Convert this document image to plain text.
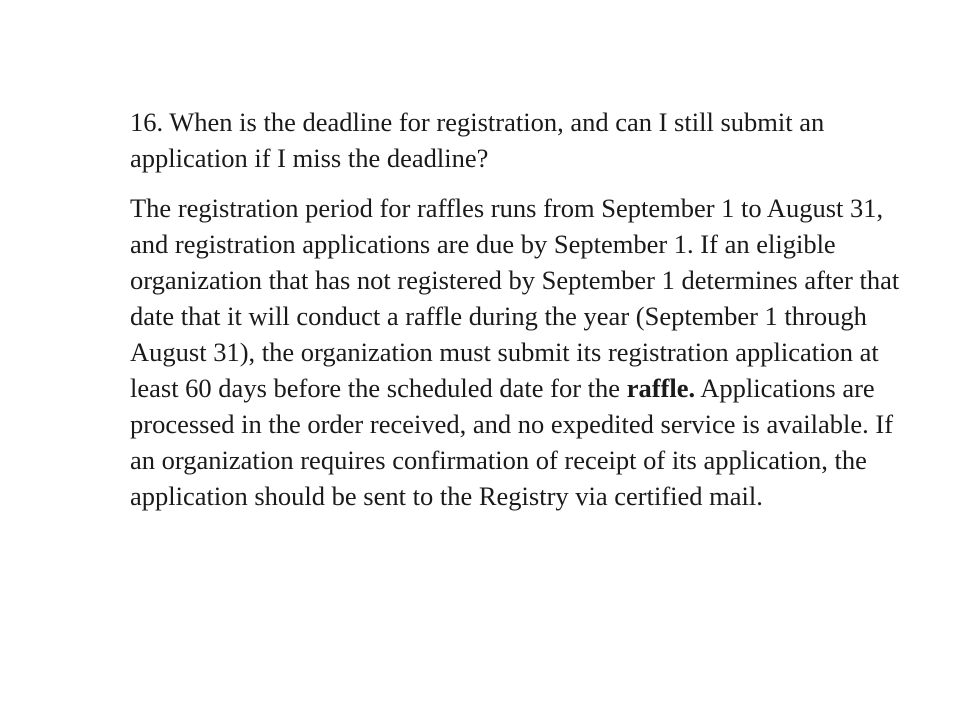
16. When is the deadline for registration, and can I still submit an application if I miss the deadline?

The registration period for raffles runs from September 1 to August 31, and registration applications are due by September 1. If an eligible organization that has not registered by September 1 determines after that date that it will conduct a raffle during the year (September 1 through August 31), the organization must submit its registration application at least 60 days before the scheduled date for the raffle. Applications are processed in the order received, and no expedited service is available. If an organization requires confirmation of receipt of its application, the application should be sent to the Registry via certified mail.
